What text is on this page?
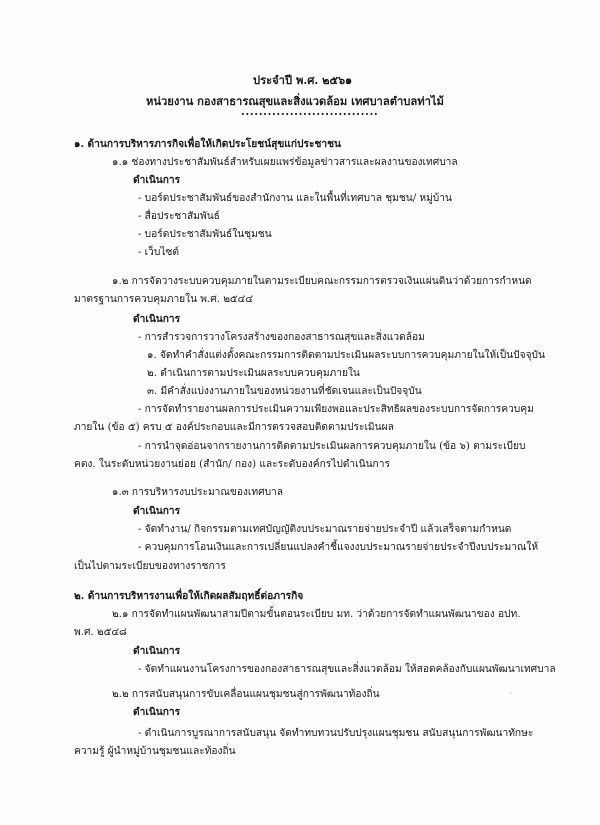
ประจำปี พ.ศ. ๒๕๖๑
หน่วยงาน กองสาธารณสุขและสิ่งแวดล้อม เทศบาลตำบลท่าไม้
...............................
๑. ด้านการบริหารภารกิจเพื่อให้เกิดประโยชน์สุขแก่ประชาชน
๑.๑ ช่องทางประชาสัมพันธ์สำหรับเผยแพร่ข้อมูลข่าวสารและผลงานของเทศบาล
ดำเนินการ
- บอร์ดประชาสัมพันธ์ของสำนักงาน และในพื้นที่เทศบาล ชุมชน/ หมู่บ้าน
- สื่อประชาสัมพันธ์
- บอร์ดประชาสัมพันธ์ในชุมชน
- เว็บไซต์
๑.๒ การจัดวางระบบควบคุมภายในตามระเบียบคณะกรรมการตรวจเงินแผ่นดินว่าด้วยการกำหนด
มาตรฐานการควบคุมภายใน พ.ศ. ๒๕๔๔
ดำเนินการ
- การสำรวจการวางโครงสร้างของกองสาธารณสุขและสิ่งแวดล้อม
๑. จัดทำคำสั่งแต่งตั้งคณะกรรมการติดตามประเมินผลระบบการควบคุมภายในให้เป็นปัจจุบัน
๒. ดำเนินการตามประเมินผลระบบควบคุมภายใน
๓. มีคำสั่งแบ่งงานภายในของหน่วยงานที่ชัดเจนและเป็นปัจจุบัน
- การจัดทำรายงานผลการประเมินความเพียงพอและประสิทธิผลของระบบการจัดการควบคุม
ภายใน (ข้อ ๕) ครบ ๕ องค์ประกอบและมีการตรวจสอบติดตามประเมินผล
- การนำจุดอ่อนจากรายงานการติดตามประเมินผลการควบคุมภายใน (ข้อ ๖) ตามระเบียบ
คตง. ในระดับหน่วยงานย่อย (สำนัก/ กอง) และระดับองค์กรไปดำเนินการ
๑.๓ การบริหารงบประมาณของเทศบาล
ดำเนินการ
- จัดทำงาน/ กิจกรรมตามเทศบัญญัติงบประมาณรายจ่ายประจำปี แล้วเสร็จตามกำหนด
- ควบคุมการโอนเงินและการเปลี่ยนแปลงคำชี้แจงงบประมาณรายจ่ายประจำปีงบประมาณให้
เป็นไปตามระเบียบของทางราชการ
๒. ด้านการบริหารงานเพื่อให้เกิดผลสัมฤทธิ์ต่อภารกิจ
๒.๑ การจัดทำแผนพัฒนาสามปีตามขั้นตอนระเบียบ มท. ว่าด้วยการจัดทำแผนพัฒนาของ อปท.
พ.ศ. ๒๕๔๘
ดำเนินการ
- จัดทำแผนงานโครงการของกองสาธารณสุขและสิ่งแวดล้อม ให้สอดคล้องกับแผนพัฒนาเทศบาล
๒.๒ การสนับสนุนการขับเคลื่อนแผนชุมชนสู่การพัฒนาท้องถิ่น
ดำเนินการ
- ดำเนินการบูรณาการสนับสนุน จัดทำทบทวนปรับปรุงแผนชุมชน สนับสนุนการพัฒนาทักษะ
ความรู้ ผู้นำหมู่บ้านชุมชนและท้องถิ่น
⁘
